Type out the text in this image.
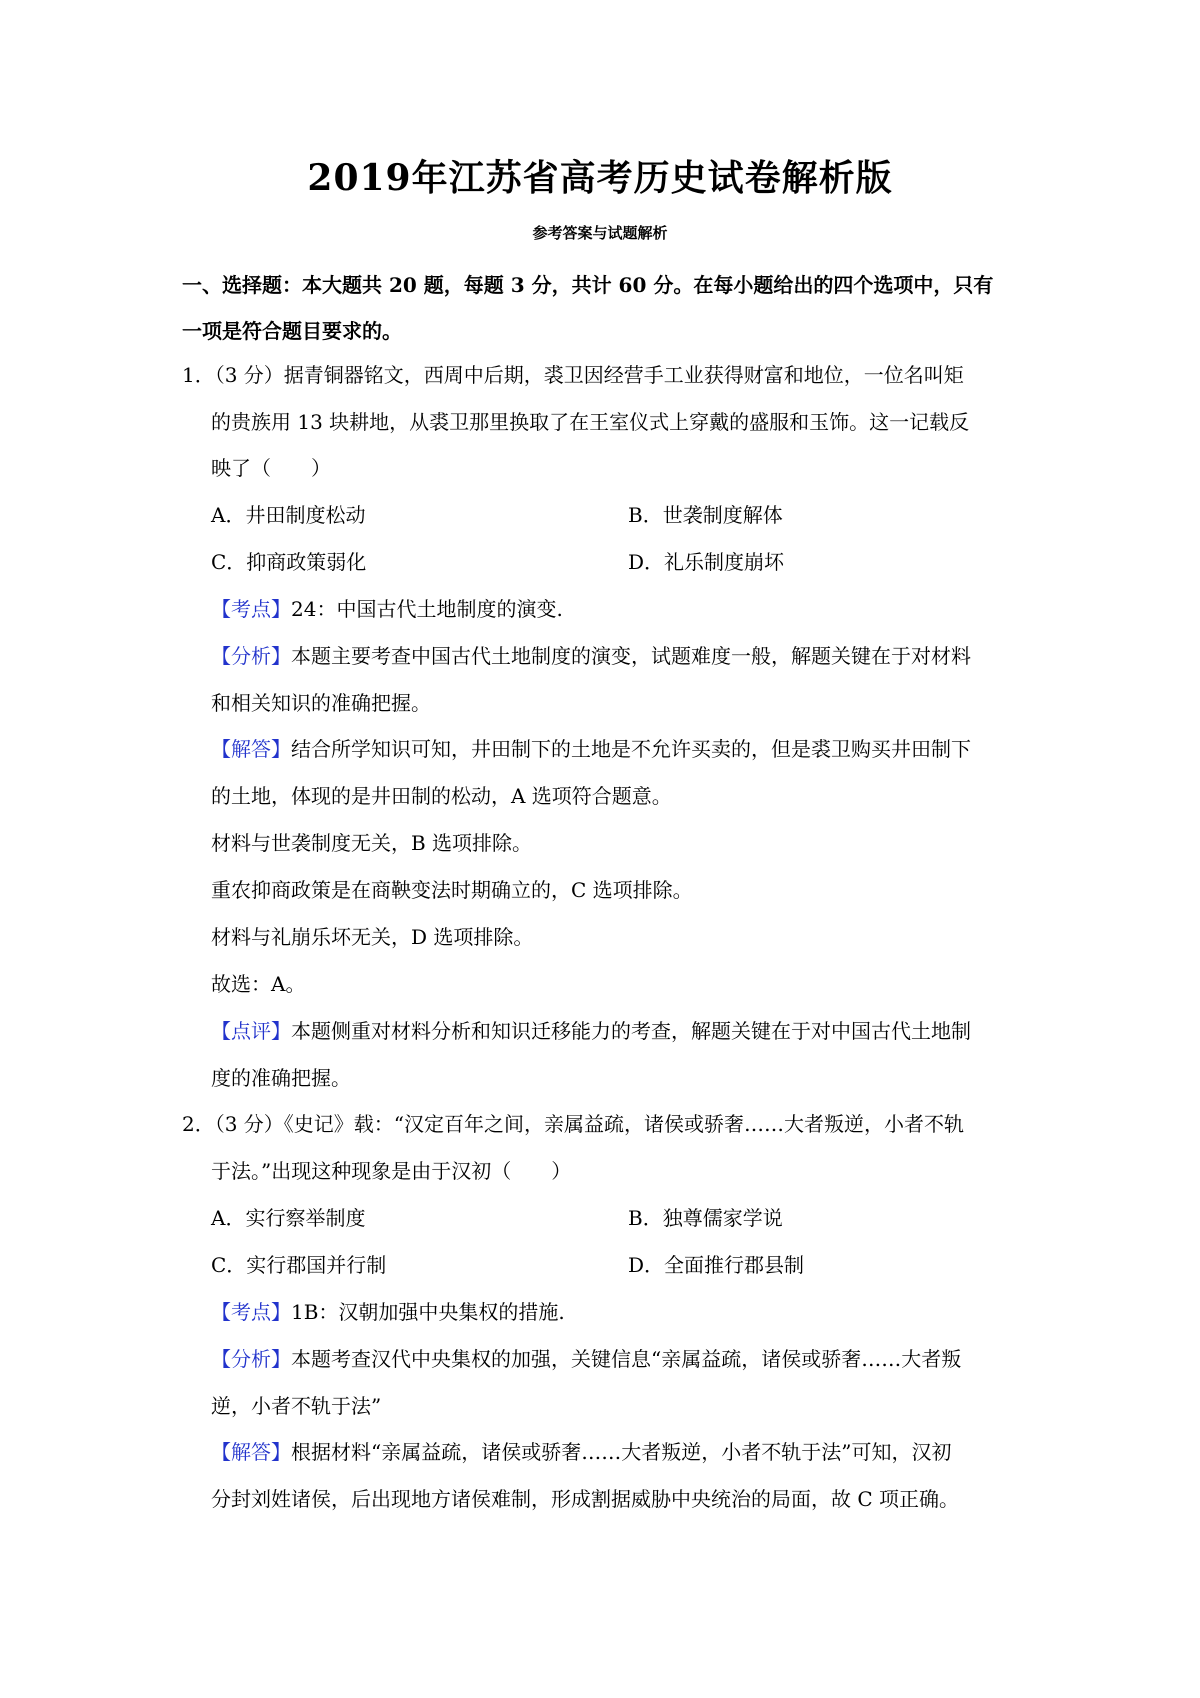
2019年江苏省高考历史试卷解析版
参考答案与试题解析
一、选择题：本大题共 20 题，每题 3 分，共计 60 分。在每小题给出的四个选项中，只有
一项是符合题目要求的。
1．（3 分）据青铜器铭文，西周中后期，裘卫因经营手工业获得财富和地位，一位名叫矩
的贵族用 13 块耕地，从裘卫那里换取了在王室仪式上穿戴的盛服和玉饰。这一记载反
映了（　　）
A．井田制度松动	B．世袭制度解体
C．抑商政策弱化	D．礼乐制度崩坏
【考点】24：中国古代土地制度的演变.
【分析】本题主要考查中国古代土地制度的演变，试题难度一般，解题关键在于对材料
和相关知识的准确把握。
【解答】结合所学知识可知，井田制下的土地是不允许买卖的，但是裘卫购买井田制下
的土地，体现的是井田制的松动，A 选项符合题意。
材料与世袭制度无关，B 选项排除。
重农抑商政策是在商鞅变法时期确立的，C 选项排除。
材料与礼崩乐坏无关，D 选项排除。
故选：A。
【点评】本题侧重对材料分析和知识迁移能力的考查，解题关键在于对中国古代土地制
度的准确把握。
2．（3 分）《史记》载：“汉定百年之间，亲属益疏，诸侯或骄奢……大者叛逆，小者不轨
于法。”出现这种现象是由于汉初（　　）
A．实行察举制度	B．独尊儒家学说
C．实行郡国并行制	D．全面推行郡县制
【考点】1B：汉朝加强中央集权的措施.
【分析】本题考查汉代中央集权的加强，关键信息“亲属益疏，诸侯或骄奢……大者叛
逆，小者不轨于法”
【解答】根据材料“亲属益疏，诸侯或骄奢……大者叛逆，小者不轨于法”可知，汉初
分封刘姓诸侯，后出现地方诸侯难制，形成割据威胁中央统治的局面，故 C 项正确。
